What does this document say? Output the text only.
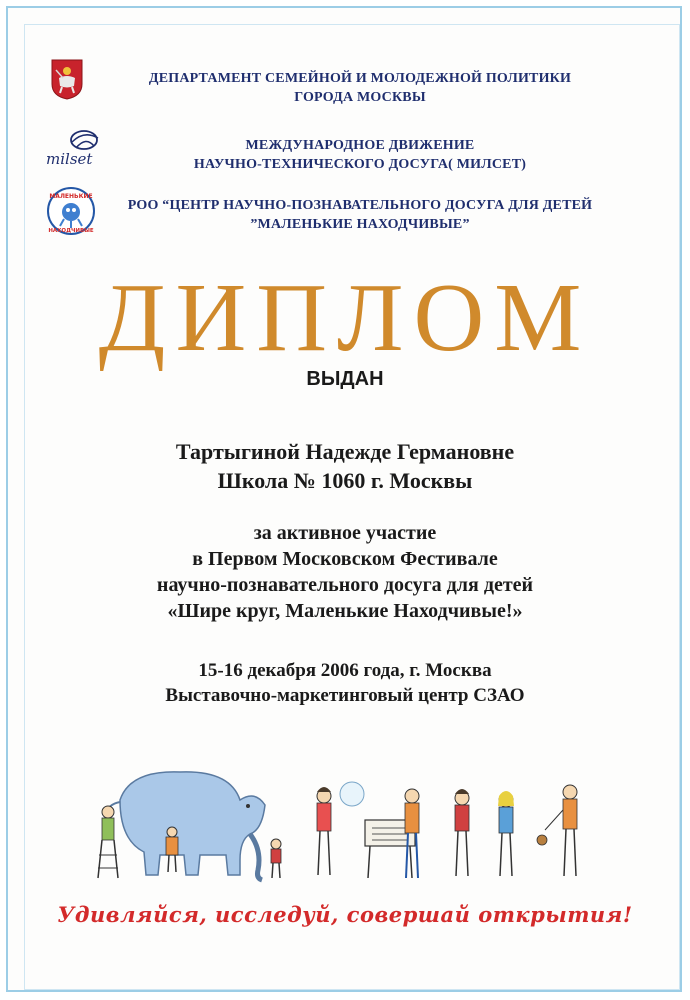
ДЕПАРТАМЕНТ СЕМЕЙНОЙ И МОЛОДЕЖНОЙ ПОЛИТИКИ
ГОРОДА МОСКВЫ
milset
МЕЖДУНАРОДНОЕ ДВИЖЕНИЕ
НАУЧНО-ТЕХНИЧЕСКОГО ДОСУГА( МИЛСЕТ)
МАЛЕНЬКИЕ
НАХОДЧИВЫЕ
РОО “ЦЕНТР НАУЧНО-ПОЗНАВАТЕЛЬНОГО ДОСУГА ДЛЯ ДЕТЕЙ
”МАЛЕНЬКИЕ НАХОДЧИВЫЕ”
ДИПЛОМ
ВЫДАН
Тартыгиной Надежде Германовне
Школа № 1060 г. Москвы
за активное участие
в Первом Московском Фестивале
научно-познавательного досуга для детей
«Шире круг, Маленькие Находчивые!»
15-16 декабря 2006 года, г. Москва
Выставочно-маркетинговый центр СЗАО
Удивляйся, исследуй, совершай открытия!
